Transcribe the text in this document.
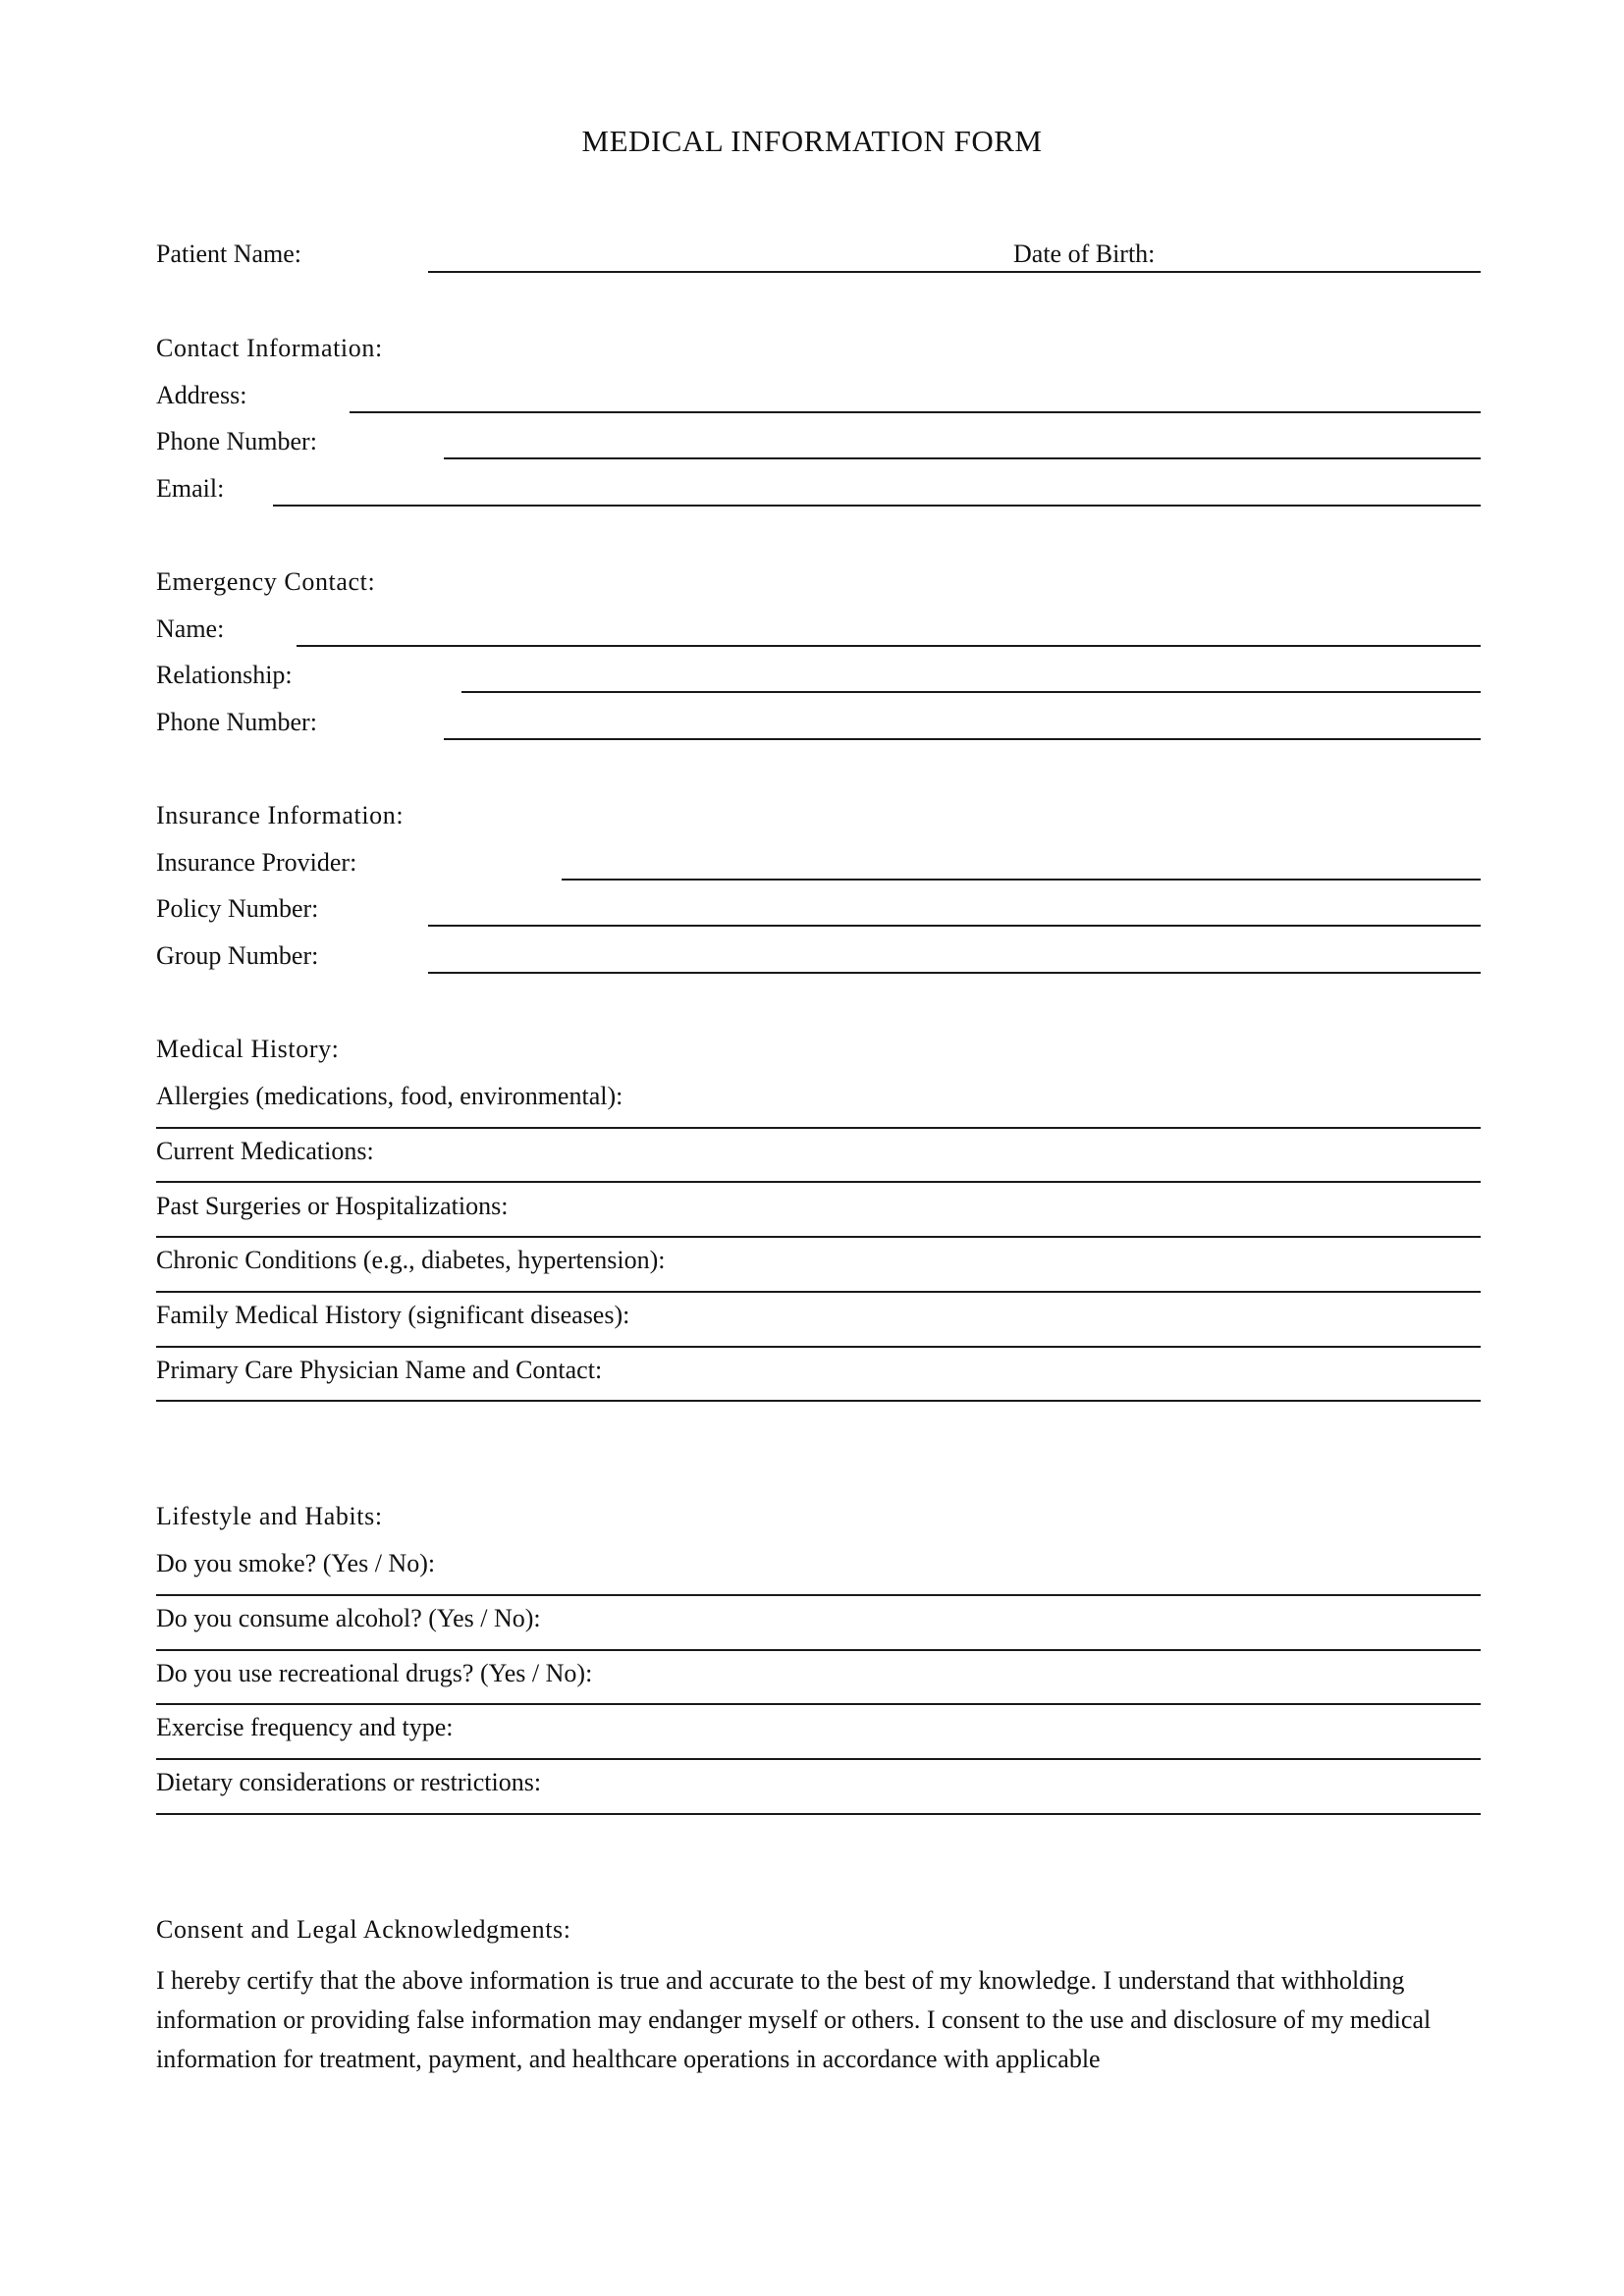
MEDICAL INFORMATION FORM
Patient Name:	Date of Birth:
Contact Information:
Address:
Phone Number:
Email:
Emergency Contact:
Name:
Relationship:
Phone Number:
Insurance Information:
Insurance Provider:
Policy Number:
Group Number:
Medical History:
Allergies (medications, food, environmental):
Current Medications:
Past Surgeries or Hospitalizations:
Chronic Conditions (e.g., diabetes, hypertension):
Family Medical History (significant diseases):
Primary Care Physician Name and Contact:
Lifestyle and Habits:
Do you smoke? (Yes / No):
Do you consume alcohol? (Yes / No):
Do you use recreational drugs? (Yes / No):
Exercise frequency and type:
Dietary considerations or restrictions:
Consent and Legal Acknowledgments:
I hereby certify that the above information is true and accurate to the best of my knowledge. I understand that withholding information or providing false information may endanger myself or others. I consent to the use and disclosure of my medical information for treatment, payment, and healthcare operations in accordance with applicable
